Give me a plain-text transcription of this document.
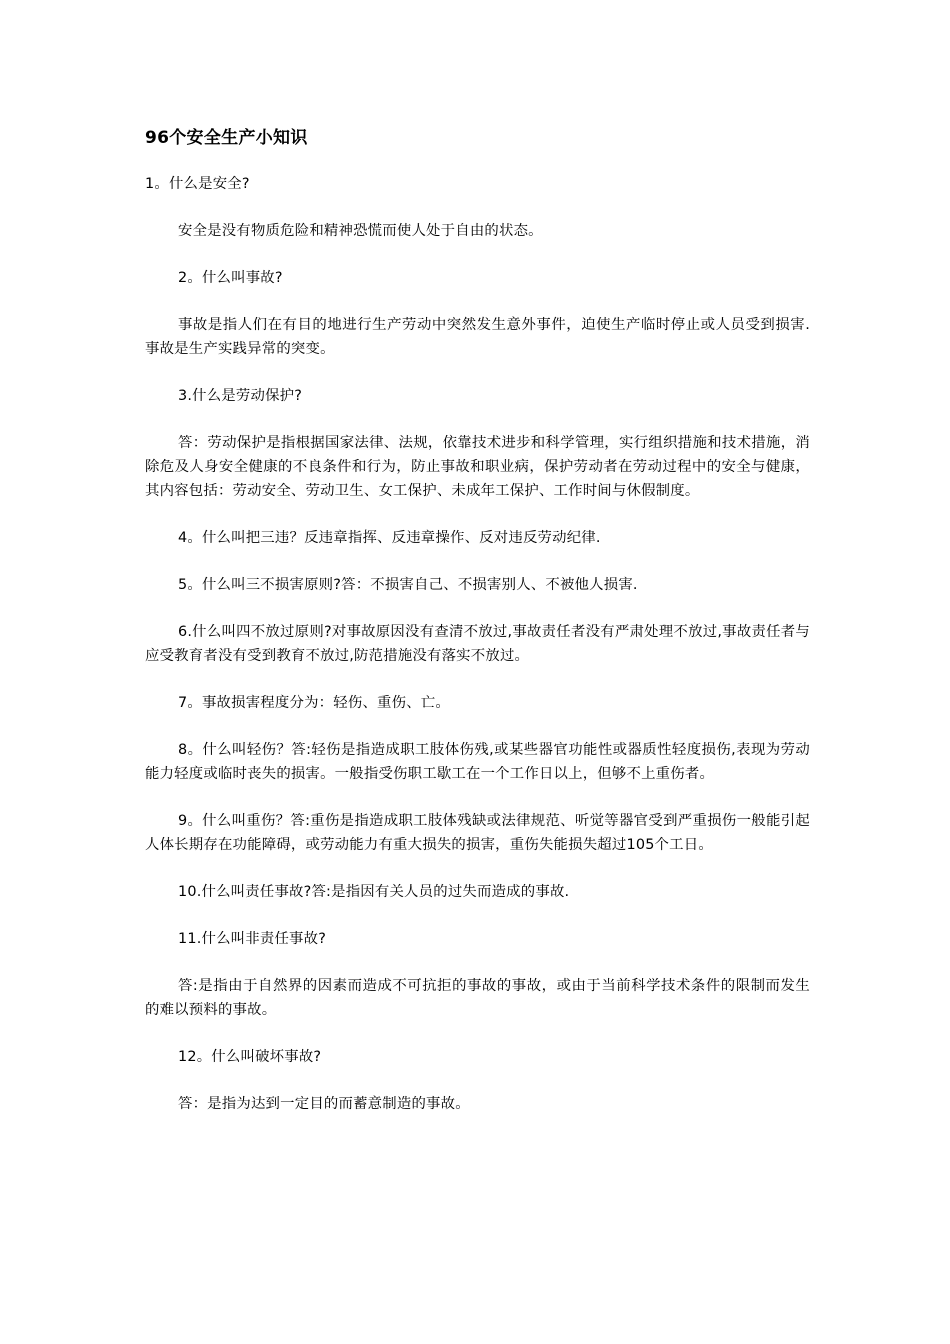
96个安全生产小知识

1。什么是安全?

安全是没有物质危险和精神恐慌而使人处于自由的状态。

2。什么叫事故?

事故是指人们在有目的地进行生产劳动中突然发生意外事件，迫使生产临时停止或人员受到损害.事故是生产实践异常的突变。

3.什么是劳动保护?

答：劳动保护是指根据国家法律、法规，依靠技术进步和科学管理，实行组织措施和技术措施，消除危及人身安全健康的不良条件和行为，防止事故和职业病，保护劳动者在劳动过程中的安全与健康，其内容包括：劳动安全、劳动卫生、女工保护、未成年工保护、工作时间与休假制度。

4。什么叫把三违？反违章指挥、反违章操作、反对违反劳动纪律.

5。什么叫三不损害原则?答：不损害自己、不损害别人、不被他人损害.

6.什么叫四不放过原则?对事故原因没有查清不放过,事故责任者没有严肃处理不放过,事故责任者与应受教育者没有受到教育不放过,防范措施没有落实不放过。

7。事故损害程度分为：轻伤、重伤、亡。

8。什么叫轻伤？答:轻伤是指造成职工肢体伤残,或某些器官功能性或器质性轻度损伤,表现为劳动能力轻度或临时丧失的损害。一般指受伤职工歇工在一个工作日以上，但够不上重伤者。

9。什么叫重伤？答:重伤是指造成职工肢体残缺或法律规范、听觉等器官受到严重损伤一般能引起人体长期存在功能障碍，或劳动能力有重大损失的损害，重伤失能损失超过105个工日。

10.什么叫责任事故?答:是指因有关人员的过失而造成的事故.

11.什么叫非责任事故?

答:是指由于自然界的因素而造成不可抗拒的事故的事故，或由于当前科学技术条件的限制而发生的难以预料的事故。

12。什么叫破坏事故?

答：是指为达到一定目的而蓄意制造的事故。
